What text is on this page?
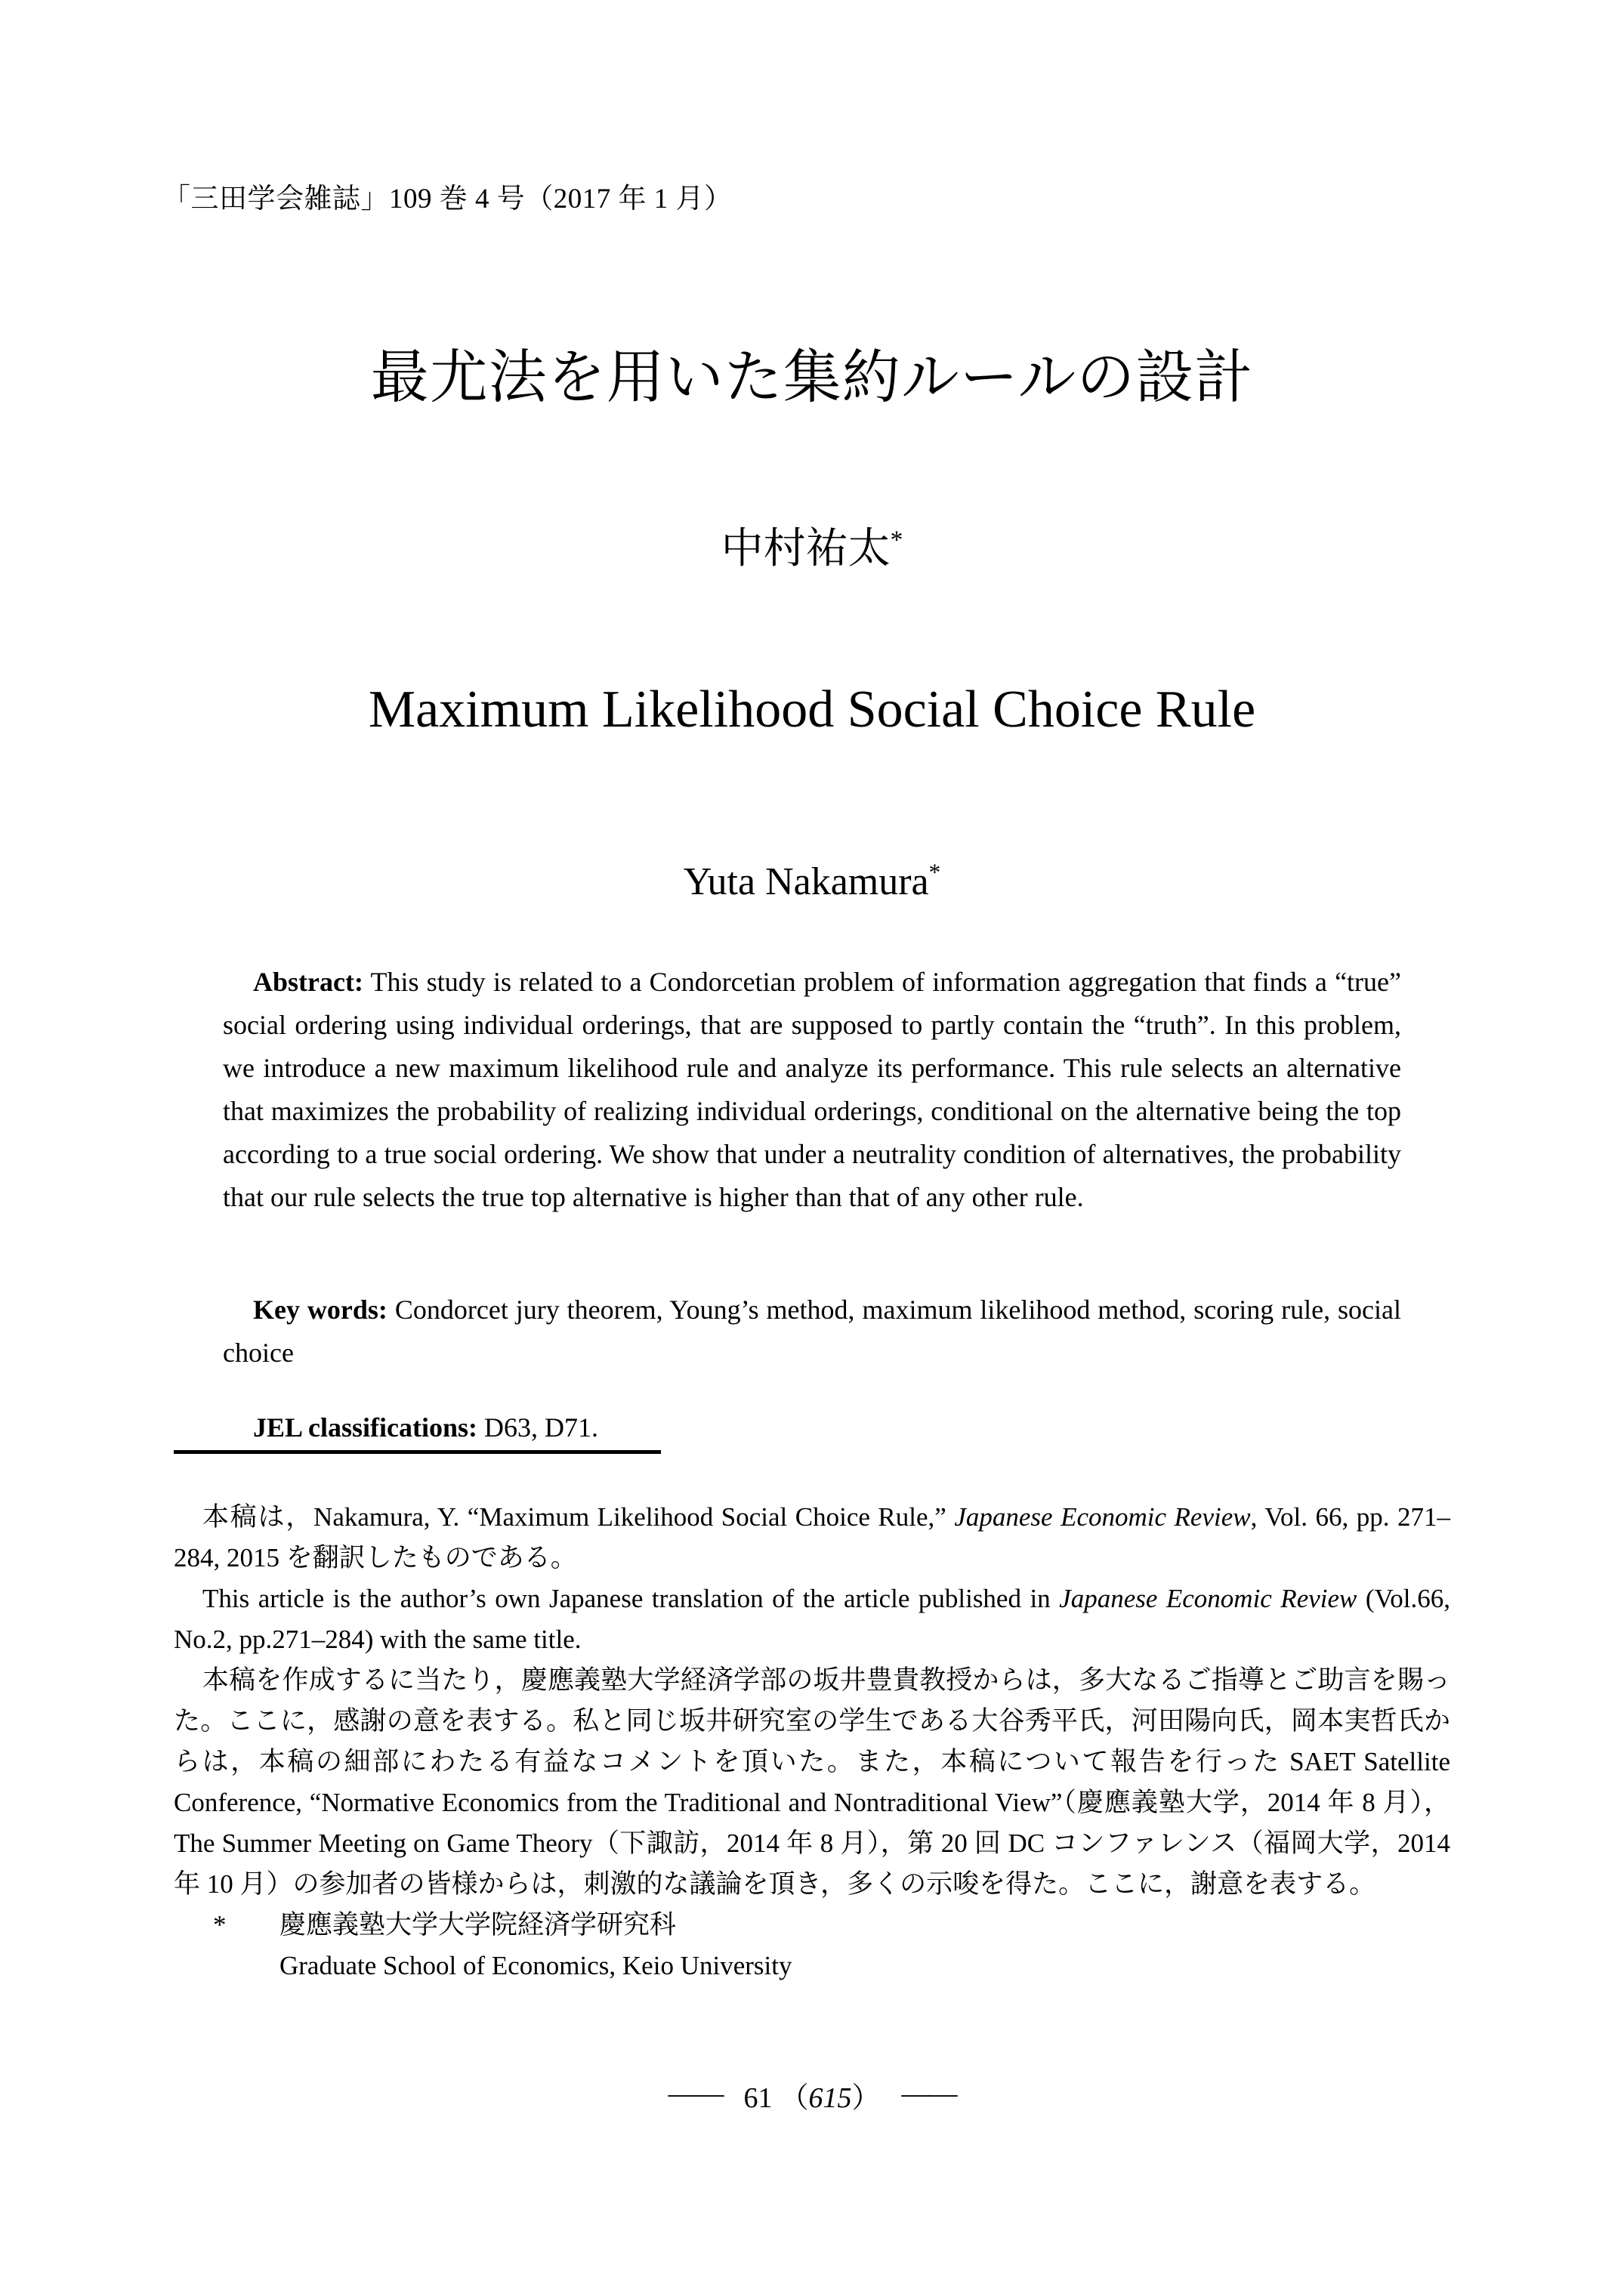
「三田学会雑誌」109 巻 4 号（2017 年 1 月）
最尤法を用いた集約ルールの設計
中村祐太*
Maximum Likelihood Social Choice Rule
Yuta Nakamura*

Abstract: This study is related to a Condorcetian problem of information aggregation that finds a “true” social ordering using individual orderings, that are supposed to partly contain the “truth”. In this problem, we introduce a new maximum likelihood rule and analyze its performance. This rule selects an alternative that maximizes the probability of realizing individual orderings, conditional on the alternative being the top according to a true social ordering. We show that under a neutrality condition of alternatives, the probability that our rule selects the true top alternative is higher than that of any other rule.

Key words: Condorcet jury theorem, Young’s method, maximum likelihood method, scoring rule, social choice

JEL classifications: D63, D71.

本稿は，Nakamura, Y. “Maximum Likelihood Social Choice Rule,” Japanese Economic Review, Vol. 66, pp. 271–284, 2015 を翻訳したものである。

This article is the author’s own Japanese translation of the article published in Japanese Economic Review (Vol.66, No.2, pp.271–284) with the same title.

本稿を作成するに当たり，慶應義塾大学経済学部の坂井豊貴教授からは，多大なるご指導とご助言を賜った。ここに，感謝の意を表する。私と同じ坂井研究室の学生である大谷秀平氏，河田陽向氏，岡本実哲氏からは，本稿の細部にわたる有益なコメントを頂いた。また，本稿について報告を行った SAET Satellite Conference, “Normative Economics from the Traditional and Nontraditional View”（慶應義塾大学，2014 年 8 月），The Summer Meeting on Game Theory（下諏訪，2014 年 8 月），第 20 回 DC コンファレンス（福岡大学，2014 年 10 月）の参加者の皆様からは，刺激的な議論を頂き，多くの示唆を得た。ここに，謝意を表する。

* 慶應義塾大学大学院経済学研究科
Graduate School of Economics, Keio University
—— 61 （615） ——
